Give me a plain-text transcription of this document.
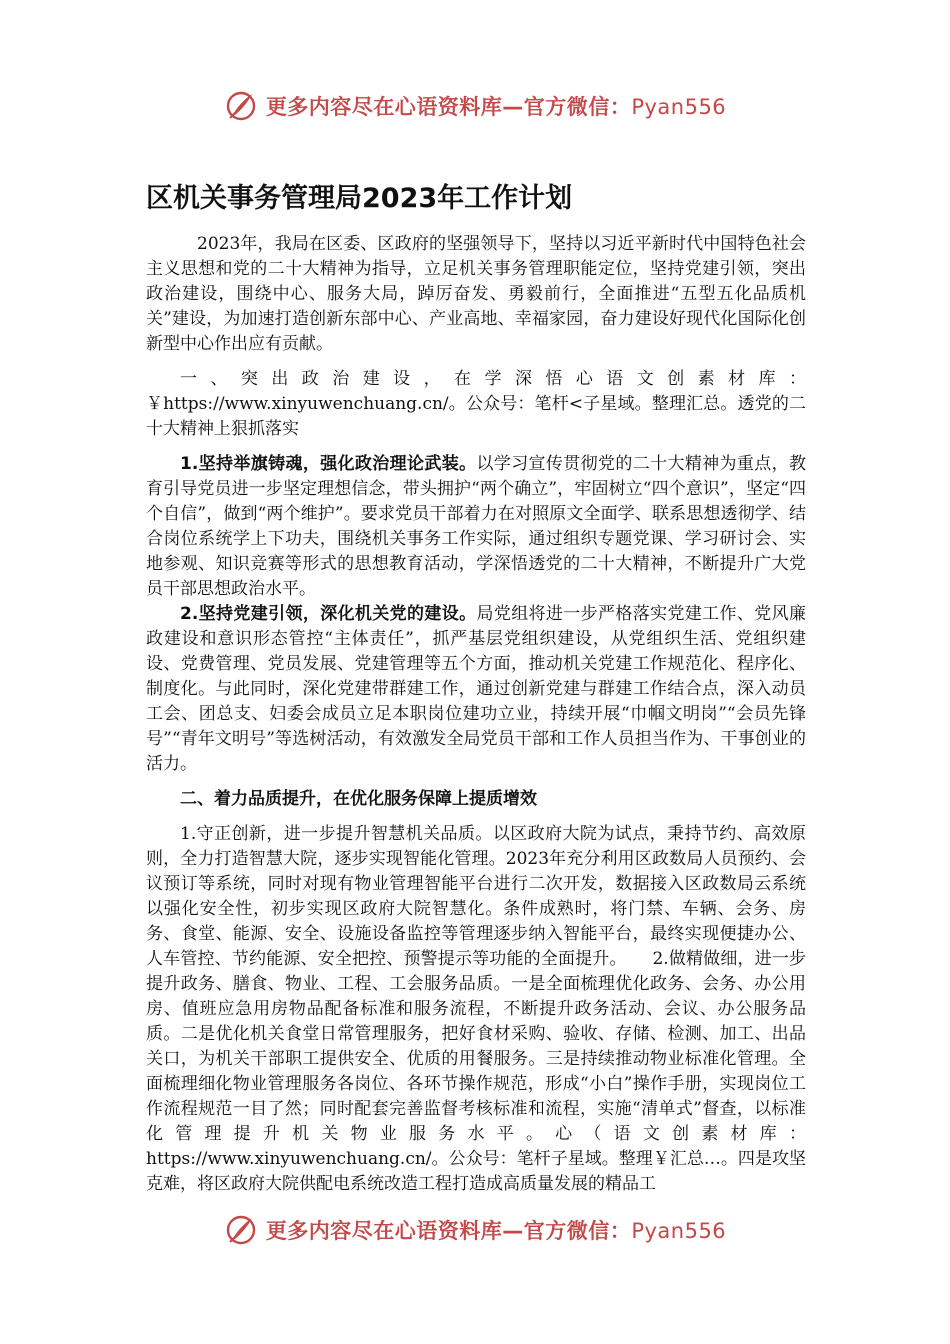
更多内容尽在心语资料库—官方微信：Pyan556
区机关事务管理局2023年工作计划

2023年，我局在区委、区政府的坚强领导下，坚持以习近平新时代中国特色社会主义思想和党的二十大精神为指导，立足机关事务管理职能定位，坚持党建引领，突出政治建设，围绕中心、服务大局，踔厉奋发、勇毅前行，全面推进“五型五化品质机关”建设，为加速打造创新东部中心、产业高地、幸福家园，奋力建设好现代化国际化创新型中心作出应有贡献。

一、突出政治建设，在学深悟心语文创素材库：￥https://www.xinyuwenchuang.cn/。公众号：笔杆<子星域。整理汇总。透党的二十大精神上狠抓落实

1.坚持举旗铸魂，强化政治理论武装。以学习宣传贯彻党的二十大精神为重点，教育引导党员进一步坚定理想信念，带头拥护“两个确立”，牢固树立“四个意识”，坚定“四个自信”，做到“两个维护”。要求党员干部着力在对照原文全面学、联系思想透彻学、结合岗位系统学上下功夫，围绕机关事务工作实际，通过组织专题党课、学习研讨会、实地参观、知识竞赛等形式的思想教育活动，学深悟透党的二十大精神，不断提升广大党员干部思想政治水平。

2.坚持党建引领，深化机关党的建设。局党组将进一步严格落实党建工作、党风廉政建设和意识形态管控“主体责任”，抓严基层党组织建设，从党组织生活、党组织建设、党费管理、党员发展、党建管理等五个方面，推动机关党建工作规范化、程序化、制度化。与此同时，深化党建带群建工作，通过创新党建与群建工作结合点，深入动员工会、团总支、妇委会成员立足本职岗位建功立业，持续开展“巾帼文明岗”“会员先锋号”“青年文明号”等选树活动，有效激发全局党员干部和工作人员担当作为、干事创业的活力。

二、着力品质提升，在优化服务保障上提质增效

1.守正创新，进一步提升智慧机关品质。以区政府大院为试点，秉持节约、高效原则，全力打造智慧大院，逐步实现智能化管理。2023年充分利用区政数局人员预约、会议预订等系统，同时对现有物业管理智能平台进行二次开发，数据接入区政数局云系统以强化安全性，初步实现区政府大院智慧化。条件成熟时，将门禁、车辆、会务、房务、食堂、能源、安全、设施设备监控等管理逐步纳入智能平台，最终实现便捷办公、人车管控、节约能源、安全把控、预警提示等功能的全面提升。　　2.做精做细，进一步提升政务、膳食、物业、工程、工会服务品质。一是全面梳理优化政务、会务、办公用房、值班应急用房物品配备标准和服务流程，不断提升政务活动、会议、办公服务品质。二是优化机关食堂日常管理服务，把好食材采购、验收、存储、检测、加工、出品关口，为机关干部职工提供安全、优质的用餐服务。三是持续推动物业标准化管理。全面梳理细化物业管理服务各岗位、各环节操作规范，形成“小白”操作手册，实现岗位工作流程规范一目了然；同时配套完善监督考核标准和流程，实施“清单式”督查，以标准化管理提升机关物业服务水平。心（语文创素材库：https://www.xinyuwenchuang.cn/。公众号：笔杆子星域。整理￥汇总…。四是攻坚克难，将区政府大院供配电系统改造工程打造成高质量发展的精品工

更多内容尽在心语资料库—官方微信：Pyan556
